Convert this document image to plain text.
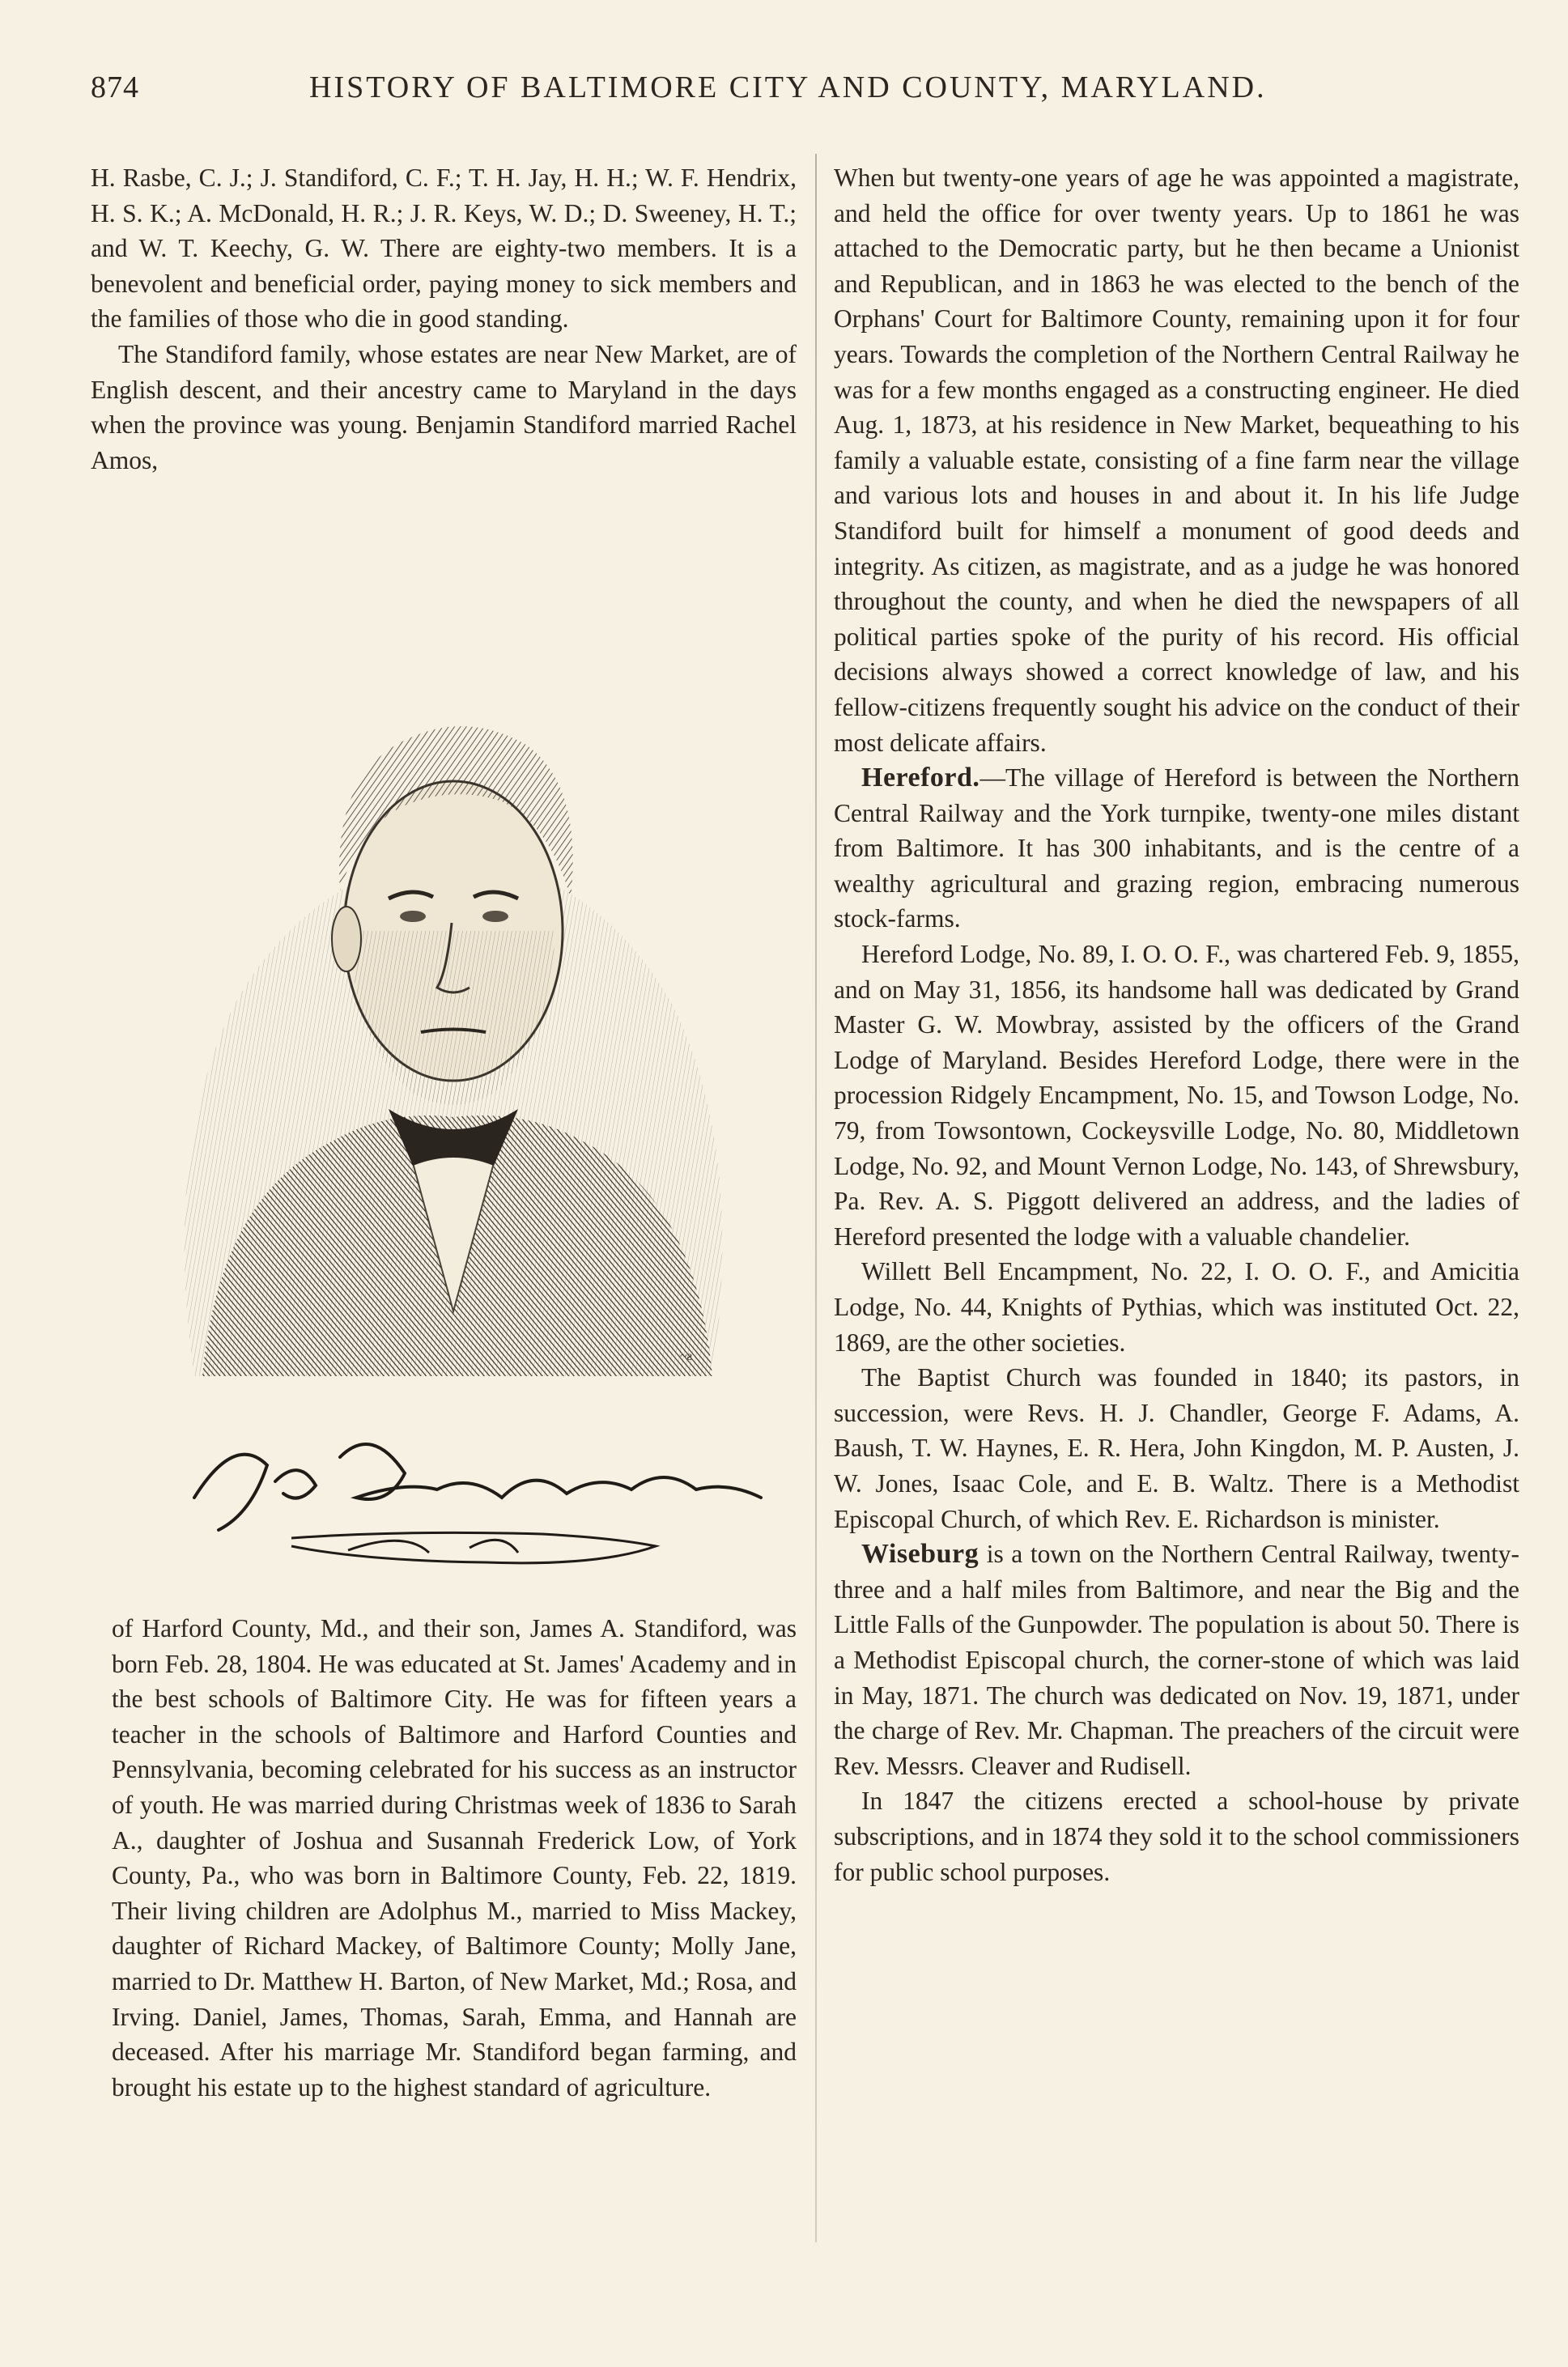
874	HISTORY OF BALTIMORE CITY AND COUNTY, MARYLAND.

H. Rasbe, C. J.; J. Standiford, C. F.; T. H. Jay, H. H.; W. F. Hendrix, H. S. K.; A. McDonald, H. R.; J. R. Keys, W. D.; D. Sweeney, H. T.; and W. T. Keechy, G. W. There are eighty-two members. It is a benevolent and beneficial order, paying money to sick members and the families of those who die in good standing.

The Standiford family, whose estates are near New Market, are of English descent, and their ancestry came to Maryland in the days when the province was young. Benjamin Standiford married Rachel Amos,

~ƨ

of Harford County, Md., and their son, James A. Standiford, was born Feb. 28, 1804. He was educated at St. James' Academy and in the best schools of Baltimore City. He was for fifteen years a teacher in the schools of Baltimore and Harford Counties and Pennsylvania, becoming celebrated for his success as an instructor of youth. He was married during Christmas week of 1836 to Sarah A., daughter of Joshua and Susannah Frederick Low, of York County, Pa., who was born in Baltimore County, Feb. 22, 1819. Their living children are Adolphus M., married to Miss Mackey, daughter of Richard Mackey, of Baltimore County; Molly Jane, married to Dr. Matthew H. Barton, of New Market, Md.; Rosa, and Irving. Daniel, James, Thomas, Sarah, Emma, and Hannah are deceased. After his marriage Mr. Standiford began farming, and brought his estate up to the highest standard of agriculture.

When but twenty-one years of age he was appointed a magistrate, and held the office for over twenty years. Up to 1861 he was attached to the Democratic party, but he then became a Unionist and Republican, and in 1863 he was elected to the bench of the Orphans' Court for Baltimore County, remaining upon it for four years. Towards the completion of the Northern Central Railway he was for a few months engaged as a constructing engineer. He died Aug. 1, 1873, at his residence in New Market, bequeathing to his family a valuable estate, consisting of a fine farm near the village and various lots and houses in and about it. In his life Judge Standiford built for himself a monument of good deeds and integrity. As citizen, as magistrate, and as a judge he was honored throughout the county, and when he died the newspapers of all political parties spoke of the purity of his record. His official decisions always showed a correct knowledge of law, and his fellow-citizens frequently sought his advice on the conduct of their most delicate affairs.

Hereford.—The village of Hereford is between the Northern Central Railway and the York turnpike, twenty-one miles distant from Baltimore. It has 300 inhabitants, and is the centre of a wealthy agricultural and grazing region, embracing numerous stock-farms.

Hereford Lodge, No. 89, I. O. O. F., was chartered Feb. 9, 1855, and on May 31, 1856, its handsome hall was dedicated by Grand Master G. W. Mowbray, assisted by the officers of the Grand Lodge of Maryland. Besides Hereford Lodge, there were in the procession Ridgely Encampment, No. 15, and Towson Lodge, No. 79, from Towsontown, Cockeysville Lodge, No. 80, Middletown Lodge, No. 92, and Mount Vernon Lodge, No. 143, of Shrewsbury, Pa. Rev. A. S. Piggott delivered an address, and the ladies of Hereford presented the lodge with a valuable chandelier.

Willett Bell Encampment, No. 22, I. O. O. F., and Amicitia Lodge, No. 44, Knights of Pythias, which was instituted Oct. 22, 1869, are the other societies.

The Baptist Church was founded in 1840; its pastors, in succession, were Revs. H. J. Chandler, George F. Adams, A. Baush, T. W. Haynes, E. R. Hera, John Kingdon, M. P. Austen, J. W. Jones, Isaac Cole, and E. B. Waltz. There is a Methodist Episcopal Church, of which Rev. E. Richardson is minister.

Wiseburg is a town on the Northern Central Railway, twenty-three and a half miles from Baltimore, and near the Big and the Little Falls of the Gunpowder. The population is about 50. There is a Methodist Episcopal church, the corner-stone of which was laid in May, 1871. The church was dedicated on Nov. 19, 1871, under the charge of Rev. Mr. Chapman. The preachers of the circuit were Rev. Messrs. Cleaver and Rudisell.

In 1847 the citizens erected a school-house by private subscriptions, and in 1874 they sold it to the school commissioners for public school purposes.
